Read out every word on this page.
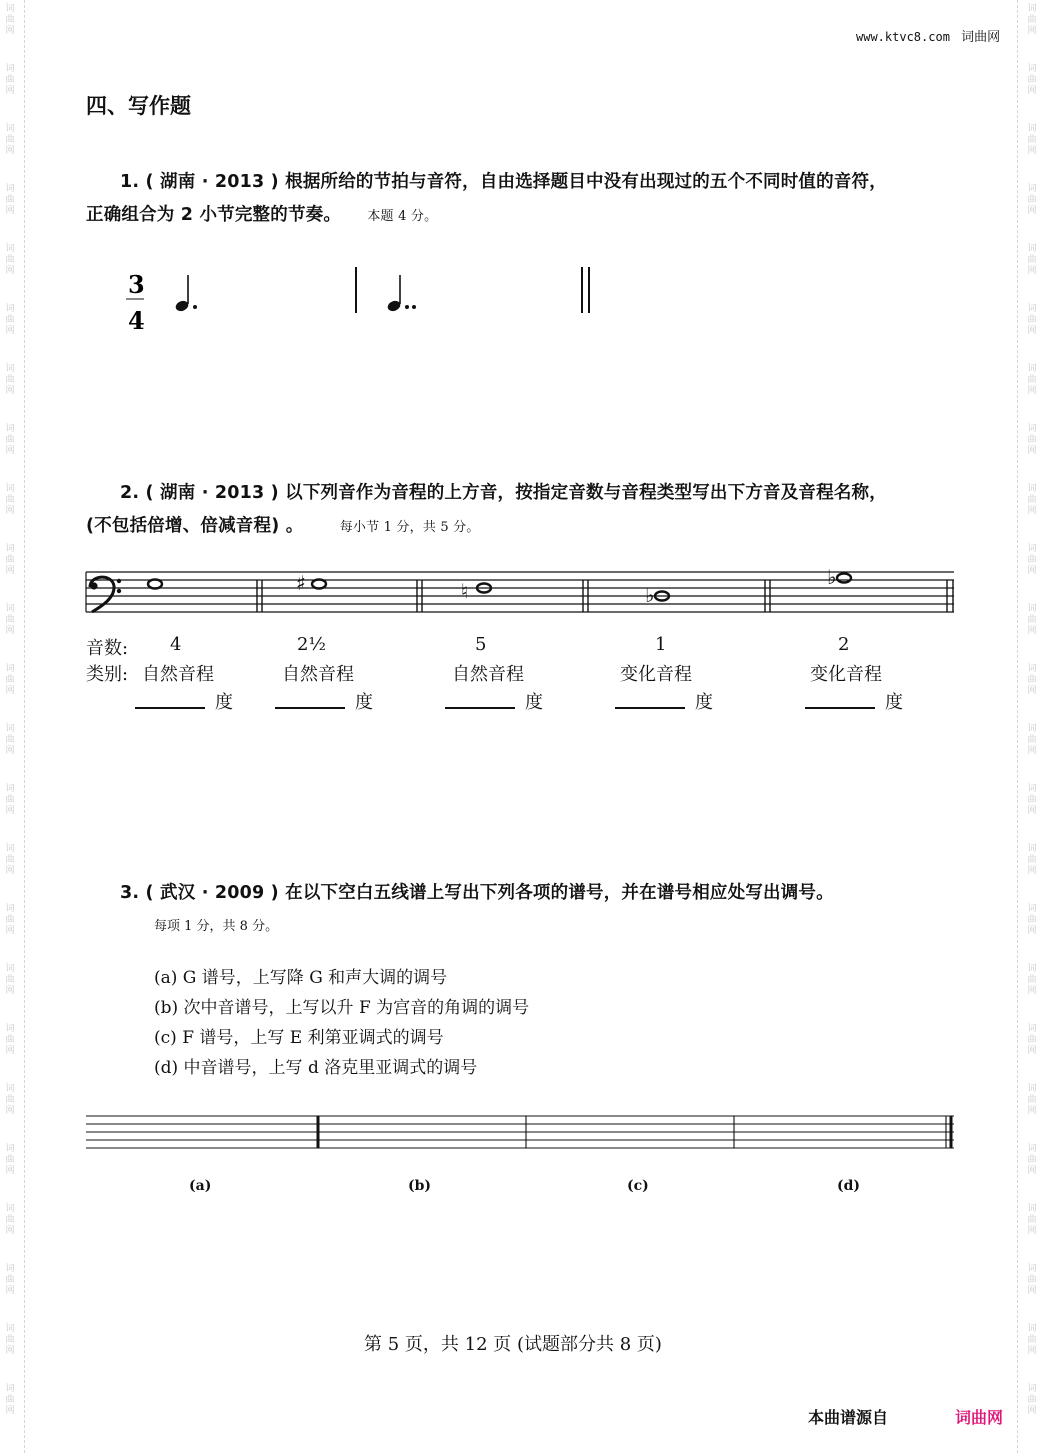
词
曲
网
词
曲
网
词
曲
网
词
曲
网
词
曲
网
词
曲
网
词
曲
网
词
曲
网
词
曲
网
词
曲
网
词
曲
网
词
曲
网
词
曲
网
词
曲
网
词
曲
网
词
曲
网
词
曲
网
词
曲
网
词
曲
网
词
曲
网
词
曲
网
词
曲
网
词
曲
网
词
曲
网
词
曲
网
词
曲
网
词
曲
网
词
曲
网
词
曲
网
词
曲
网
词
曲
网
词
曲
网
词
曲
网
词
曲
网
词
曲
网
词
曲
网
词
曲
网
词
曲
网
词
曲
网
词
曲
网
词
曲
网
词
曲
网
词
曲
网
词
曲
网
词
曲
网
词
曲
网
词
曲
网
词
曲
网
www.ktvc8.com 词曲网
四、写作题
1. ( 湖南 · 2013 ) 根据所给的节拍与音符，自由选择题目中没有出现过的五个不同时值的音符，
正确组合为 2 小节完整的节奏。 本题 4 分。
3
4
2. ( 湖南 · 2013 ) 以下列音作为音程的上方音，按指定音数与音程类型写出下方音及音程名称，
(不包括倍增、倍减音程) 。	每小节 1 分，共 5 分。
♯	♮	♭
♭
音数: 4	2½	5	1	2
类别: 自然音程	自然音程	自然音程	变化音程	变化音程
度	度	度	度	度
3. ( 武汉 · 2009 ) 在以下空白五线谱上写出下列各项的谱号，并在谱号相应处写出调号。
每项 1 分，共 8 分。
(a) G 谱号，上写降 G 和声大调的调号
(b) 次中音谱号，上写以升 F 为宫音的角调的调号
(c) F 谱号，上写 E 利第亚调式的调号
(d) 中音谱号，上写 d 洛克里亚调式的调号
(a)	(b)	(c)	(d)
第 5 页，共 12 页 (试题部分共 8 页)
本曲谱源自	词曲网
